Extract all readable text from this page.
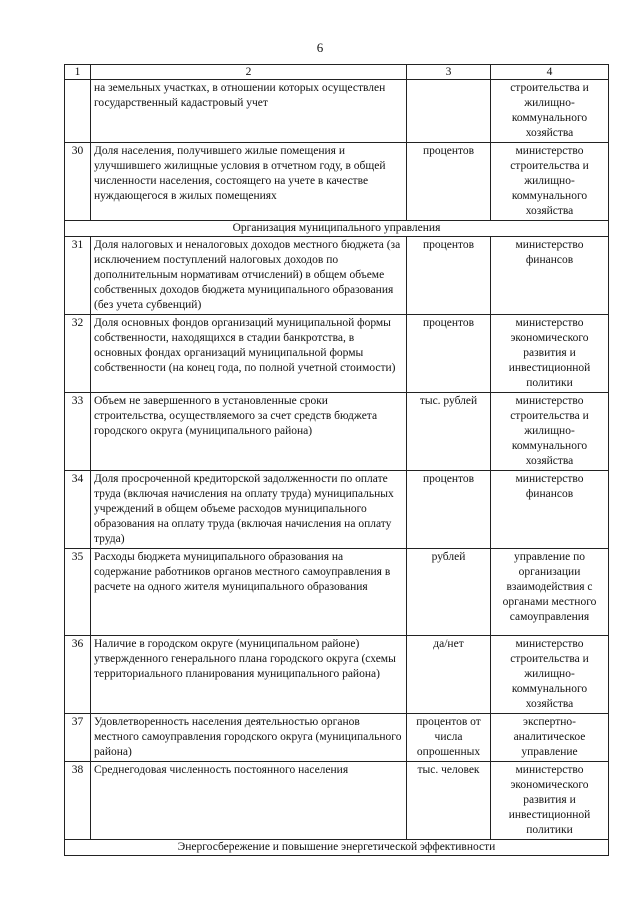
6
1	2	3	4
	на земельных участках, в отношении которых осуществлен государственный кадастровый учет		строительства и жилищно-коммунального хозяйства
30	Доля населения, получившего жилые помещения и улучшившего жилищные условия в отчетном году, в общей численности населения, состоящего на учете в качестве нуждающегося в жилых помещениях	процентов	министерство строительства и жилищно-коммунального хозяйства
Организация муниципального управления			
31	Доля налоговых и неналоговых доходов местного бюджета (за исключением поступлений налоговых доходов по дополнительным нормативам отчислений) в общем объеме собственных доходов бюджета муниципального образования (без учета субвенций)	процентов	министерство финансов
32	Доля основных фондов организаций муниципальной формы собственности, находящихся в стадии банкротства, в основных фондах организаций муниципальной формы собственности (на конец года, по полной учетной стоимости)	процентов	министерство экономического развития и инвестиционной политики
33	Объем не завершенного в установленные сроки строительства, осуществляемого за счет средств бюджета городского округа (муниципального района)	тыс. рублей	министерство строительства и жилищно-коммунального хозяйства
34	Доля просроченной кредиторской задолженности по оплате труда (включая начисления на оплату труда) муниципальных учреждений в общем объеме расходов муниципального образования на оплату труда (включая начисления на оплату труда)	процентов	министерство финансов
35	Расходы бюджета муниципального образования на содержание работников органов местного самоуправления в расчете на одного жителя муниципального образования	рублей	управление по организации взаимодействия с органами местного самоуправления
36	Наличие в городском округе (муниципальном районе) утвержденного генерального плана городского округа (схемы территориального планирования муниципального района)	да/нет	министерство строительства и жилищно-коммунального хозяйства
37	Удовлетворенность населения деятельностью органов местного самоуправления городского округа (муниципального района)	процентов от числа опрошенных	экспертно-аналитическое управление
38	Среднегодовая численность постоянного населения	тыс. человек	министерство экономического развития и инвестиционной политики
Энергосбережение и повышение энергетической эффективности			
